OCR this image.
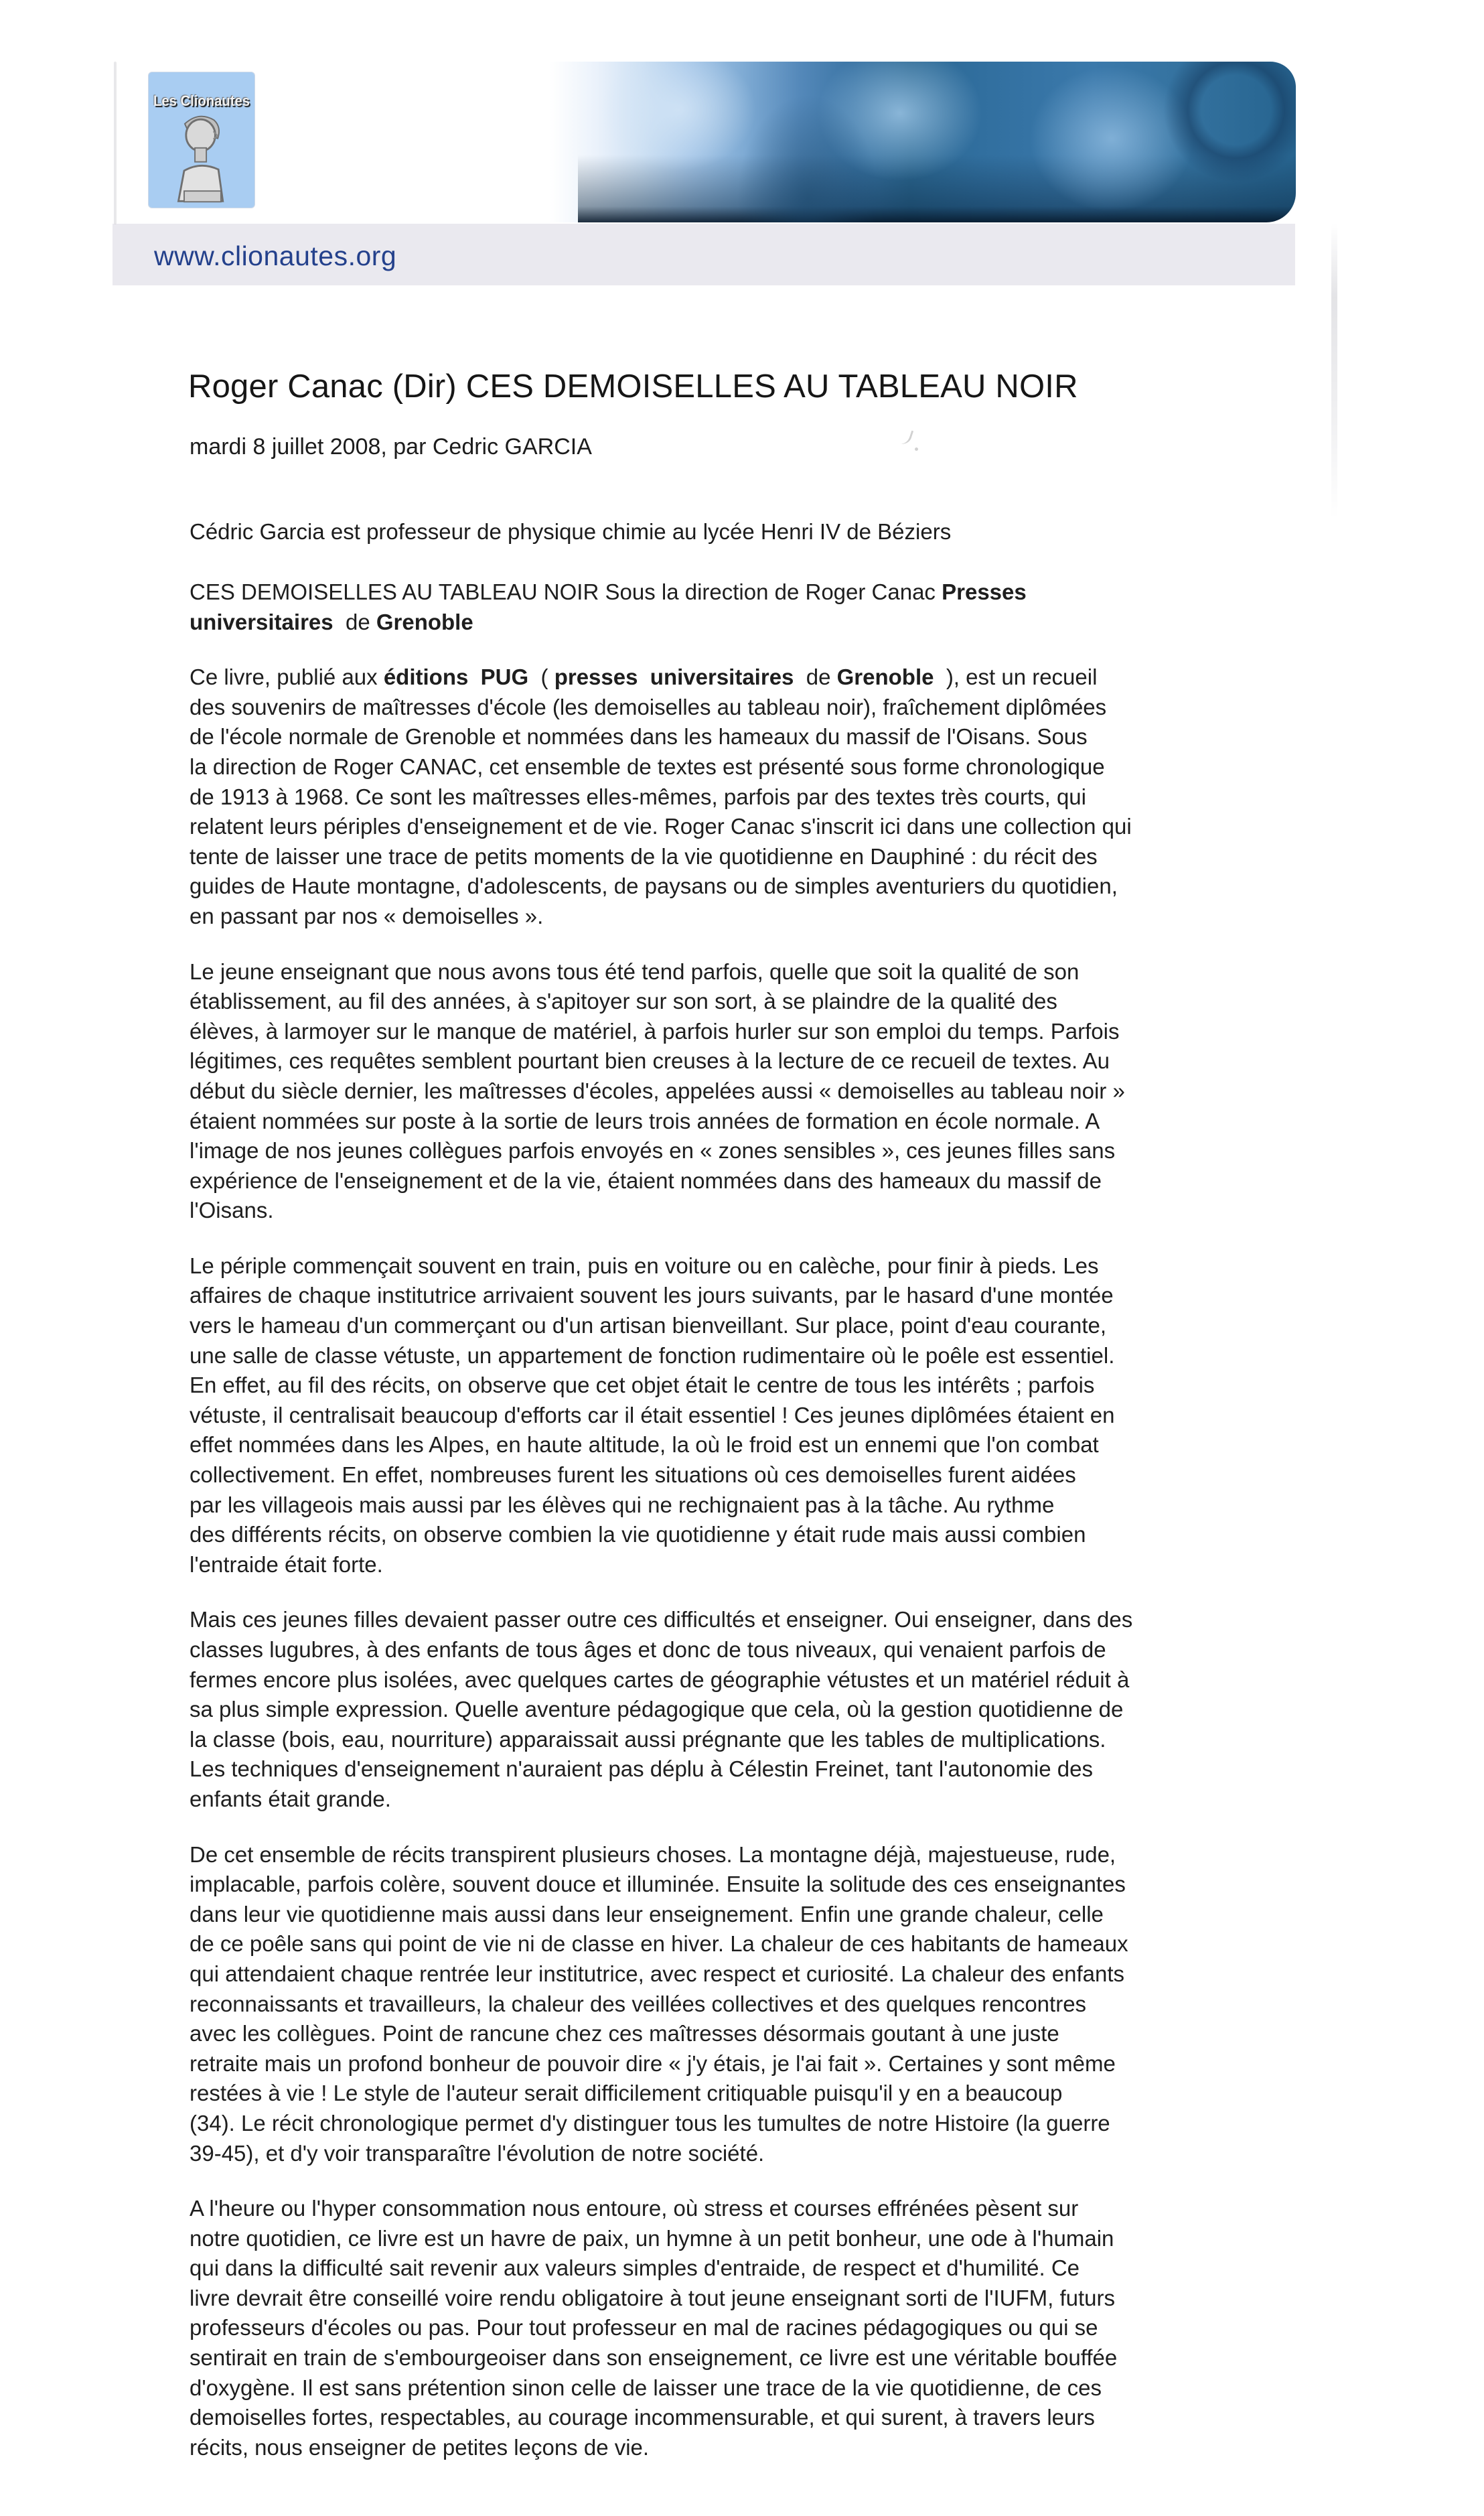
Les Clionautes
www.clionautes.org
Roger Canac (Dir) CES DEMOISELLES AU TABLEAU NOIR
mardi 8 juillet 2008, par Cedric GARCIA
Cédric Garcia est professeur de physique chimie au lycée Henri IV de Béziers
CES DEMOISELLES AU TABLEAU NOIR Sous la direction de Roger Canac Presses
universitaires  de Grenoble
Ce livre, publié aux éditions  PUG  ( presses  universitaires  de Grenoble  ), est un recueil
des souvenirs de maîtresses d'école (les demoiselles au tableau noir), fraîchement diplômées
de l'école normale de Grenoble et nommées dans les hameaux du massif de l'Oisans. Sous
la direction de Roger CANAC, cet ensemble de textes est présenté sous forme chronologique
de 1913 à 1968. Ce sont les maîtresses elles-mêmes, parfois par des textes très courts, qui
relatent leurs périples d'enseignement et de vie. Roger Canac s'inscrit ici dans une collection qui
tente de laisser une trace de petits moments de la vie quotidienne en Dauphiné : du récit des
guides de Haute montagne, d'adolescents, de paysans ou de simples aventuriers du quotidien,
en passant par nos « demoiselles ».
Le jeune enseignant que nous avons tous été tend parfois, quelle que soit la qualité de son
établissement, au fil des années, à s'apitoyer sur son sort, à se plaindre de la qualité des
élèves, à larmoyer sur le manque de matériel, à parfois hurler sur son emploi du temps. Parfois
légitimes, ces requêtes semblent pourtant bien creuses à la lecture de ce recueil de textes. Au
début du siècle dernier, les maîtresses d'écoles, appelées aussi « demoiselles au tableau noir »
étaient nommées sur poste à la sortie de leurs trois années de formation en école normale. A
l'image de nos jeunes collègues parfois envoyés en « zones sensibles », ces jeunes filles sans
expérience de l'enseignement et de la vie, étaient nommées dans des hameaux du massif de
l'Oisans.
Le périple commençait souvent en train, puis en voiture ou en calèche, pour finir à pieds. Les
affaires de chaque institutrice arrivaient souvent les jours suivants, par le hasard d'une montée
vers le hameau d'un commerçant ou d'un artisan bienveillant. Sur place, point d'eau courante,
une salle de classe vétuste, un appartement de fonction rudimentaire où le poêle est essentiel.
En effet, au fil des récits, on observe que cet objet était le centre de tous les intérêts ; parfois
vétuste, il centralisait beaucoup d'efforts car il était essentiel ! Ces jeunes diplômées étaient en
effet nommées dans les Alpes, en haute altitude, la où le froid est un ennemi que l'on combat
collectivement. En effet, nombreuses furent les situations où ces demoiselles furent aidées
par les villageois mais aussi par les élèves qui ne rechignaient pas à la tâche. Au rythme
des différents récits, on observe combien la vie quotidienne y était rude mais aussi combien
l'entraide était forte.
Mais ces jeunes filles devaient passer outre ces difficultés et enseigner. Oui enseigner, dans des
classes lugubres, à des enfants de tous âges et donc de tous niveaux, qui venaient parfois de
fermes encore plus isolées, avec quelques cartes de géographie vétustes et un matériel réduit à
sa plus simple expression. Quelle aventure pédagogique que cela, où la gestion quotidienne de
la classe (bois, eau, nourriture) apparaissait aussi prégnante que les tables de multiplications.
Les techniques d'enseignement n'auraient pas déplu à Célestin Freinet, tant l'autonomie des
enfants était grande.
De cet ensemble de récits transpirent plusieurs choses. La montagne déjà, majestueuse, rude,
implacable, parfois colère, souvent douce et illuminée. Ensuite la solitude des ces enseignantes
dans leur vie quotidienne mais aussi dans leur enseignement. Enfin une grande chaleur, celle
de ce poêle sans qui point de vie ni de classe en hiver. La chaleur de ces habitants de hameaux
qui attendaient chaque rentrée leur institutrice, avec respect et curiosité. La chaleur des enfants
reconnaissants et travailleurs, la chaleur des veillées collectives et des quelques rencontres
avec les collègues. Point de rancune chez ces maîtresses désormais goutant à une juste
retraite mais un profond bonheur de pouvoir dire « j'y étais, je l'ai fait ». Certaines y sont même
restées à vie ! Le style de l'auteur serait difficilement critiquable puisqu'il y en a beaucoup
(34). Le récit chronologique permet d'y distinguer tous les tumultes de notre Histoire (la guerre
39-45), et d'y voir transparaître l'évolution de notre société.
A l'heure ou l'hyper consommation nous entoure, où stress et courses effrénées pèsent sur
notre quotidien, ce livre est un havre de paix, un hymne à un petit bonheur, une ode à l'humain
qui dans la difficulté sait revenir aux valeurs simples d'entraide, de respect et d'humilité. Ce
livre devrait être conseillé voire rendu obligatoire à tout jeune enseignant sorti de l'IUFM, futurs
professeurs d'écoles ou pas. Pour tout professeur en mal de racines pédagogiques ou qui se
sentirait en train de s'embourgeoiser dans son enseignement, ce livre est une véritable bouffée
d'oxygène. Il est sans prétention sinon celle de laisser une trace de la vie quotidienne, de ces
demoiselles fortes, respectables, au courage incommensurable, et qui surent, à travers leurs
récits, nous enseigner de petites leçons de vie.
